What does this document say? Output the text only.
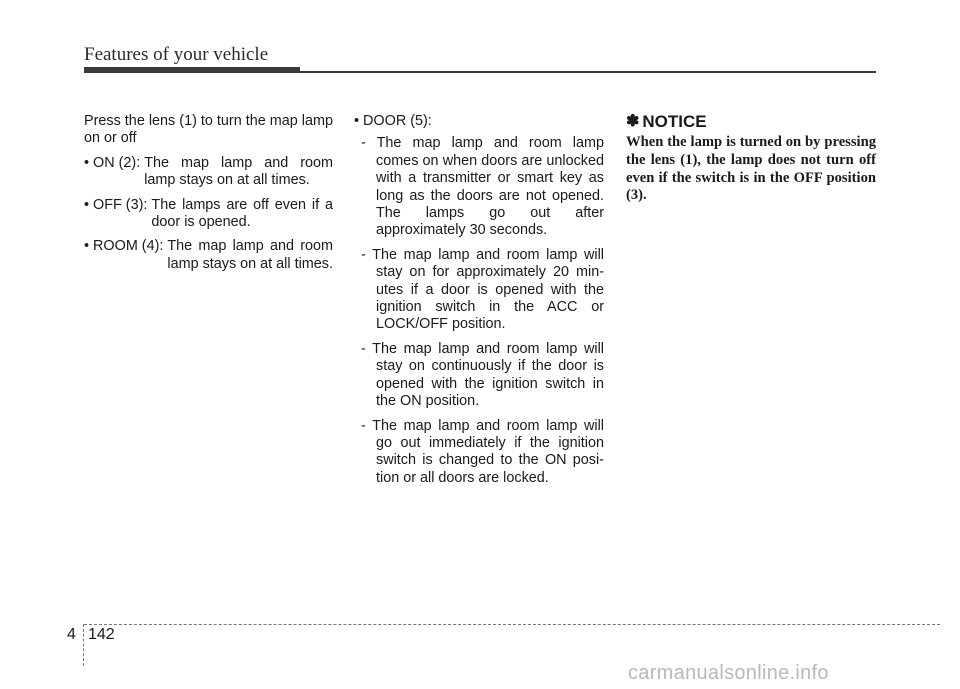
Features of your vehicle

Press the lens (1) to turn the map lamp on or off

• ON (2): The map lamp and room lamp stays on at all times.
• OFF (3): The lamps are off even if a door is opened.
• ROOM (4): The map lamp and room lamp stays on at all times.

• DOOR (5):

- The map lamp and room lamp comes on when doors are unlocked with a transmitter or smart key as long as the doors are not opened. The lamps go out after approximately 30 seconds.

- The map lamp and room lamp will stay on for approximately 20 min- utes if a door is opened with the ignition switch in the ACC or LOCK/OFF position.

- The map lamp and room lamp will stay on continuously if the door is opened with the ignition switch in the ON position.

- The map lamp and room lamp will go out immediately if the ignition switch is changed to the ON posi- tion or all doors are locked.

✽ NOTICE

When the lamp is turned on by pressing the lens (1), the lamp does not turn off even if the switch is in the OFF position (3).

4 142
carmanualsonline.info
